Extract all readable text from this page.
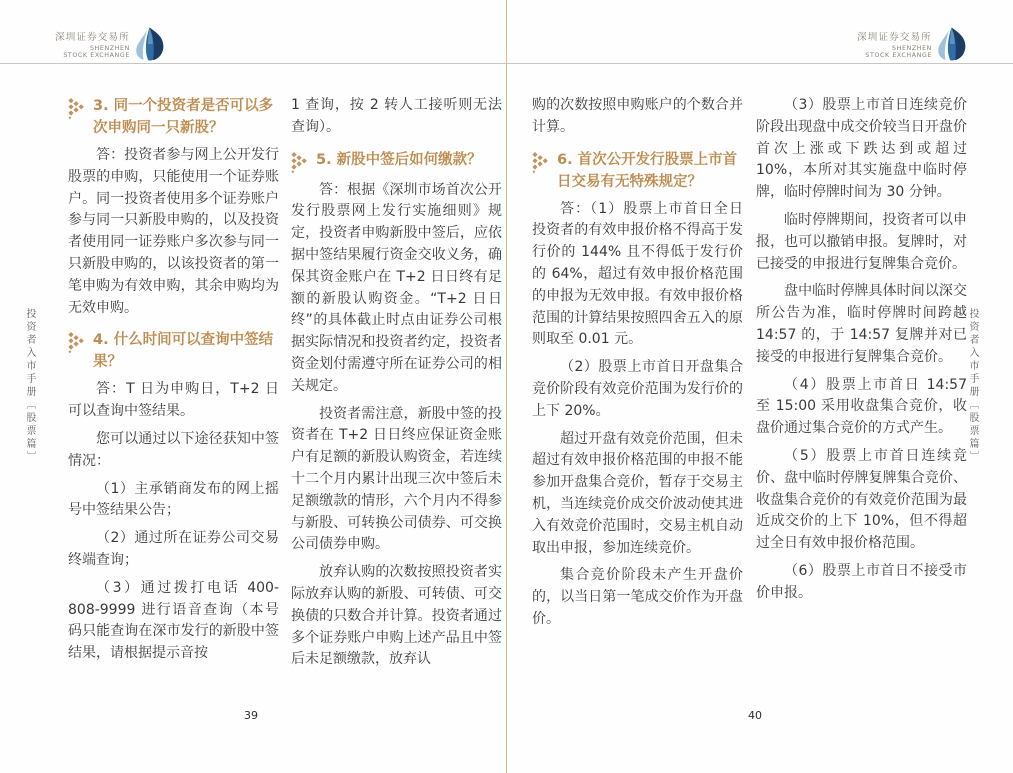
深圳证券交易所
SHENZHEN
STOCK EXCHANGE
深圳证券交易所
SHENZHEN
STOCK EXCHANGE
3. 同一个投资者是否可以多次申购同一只新股？
答：投资者参与网上公开发行股票的申购，只能使用一个证券账户。同一投资者使用多个证券账户参与同一只新股申购的，以及投资者使用同一证券账户多次参与同一只新股申购的，以该投资者的第一笔申购为有效申购，其余申购均为无效申购。
4. 什么时间可以查询中签结果？
答：T 日为申购日，T+2 日可以查询中签结果。
您可以通过以下途径获知中签情况：
（1）主承销商发布的网上摇号中签结果公告；
（2）通过所在证券公司交易终端查询；
（3）通过拨打电话 400-808-9999 进行语音查询（本号码只能查询在深市发行的新股中签结果，请根据提示音按
1 查询，按 2 转人工接听则无法查询）。
5. 新股中签后如何缴款？
答：根据《深圳市场首次公开发行股票网上发行实施细则》规定，投资者申购新股中签后，应依据中签结果履行资金交收义务，确保其资金账户在 T+2 日日终有足额的新股认购资金。“T+2 日日终”的具体截止时点由证券公司根据实际情况和投资者约定，投资者资金划付需遵守所在证券公司的相关规定。
投资者需注意，新股中签的投资者在 T+2 日日终应保证资金账户有足额的新股认购资金，若连续十二个月内累计出现三次中签后未足额缴款的情形，六个月内不得参与新股、可转换公司债券、可交换公司债券申购。
放弃认购的次数按照投资者实际放弃认购的新股、可转债、可交换债的只数合并计算。投资者通过多个证券账户申购上述产品且中签后未足额缴款，放弃认
购的次数按照申购账户的个数合并计算。
6. 首次公开发行股票上市首日交易有无特殊规定？
答：（1）股票上市首日全日投资者的有效申报价格不得高于发行价的 144% 且不得低于发行价的 64%，超过有效申报价格范围的申报为无效申报。有效申报价格范围的计算结果按照四舍五入的原则取至 0.01 元。
（2）股票上市首日开盘集合竞价阶段有效竞价范围为发行价的上下 20%。
超过开盘有效竞价范围，但未超过有效申报价格范围的申报不能参加开盘集合竞价，暂存于交易主机，当连续竞价成交价波动使其进入有效竞价范围时，交易主机自动取出申报，参加连续竞价。
集合竞价阶段未产生开盘价的，以当日第一笔成交价作为开盘价。
（3）股票上市首日连续竞价阶段出现盘中成交价较当日开盘价首次上涨或下跌达到或超过 10%，本所对其实施盘中临时停牌，临时停牌时间为 30 分钟。
临时停牌期间，投资者可以申报，也可以撤销申报。复牌时，对已接受的申报进行复牌集合竞价。
盘中临时停牌具体时间以深交所公告为准，临时停牌时间跨越 14:57 的，于 14:57 复牌并对已接受的申报进行复牌集合竞价。
（4）股票上市首日 14:57 至 15:00 采用收盘集合竞价，收盘价通过集合竞价的方式产生。
（5）股票上市首日连续竞价、盘中临时停牌复牌集合竞价、收盘集合竞价的有效竞价范围为最近成交价的上下 10%，但不得超过全日有效申报价格范围。
（6）股票上市首日不接受市价申报。
投资者入市手册〔股票篇〕	投资者入市手册〔股票篇〕
39	40
